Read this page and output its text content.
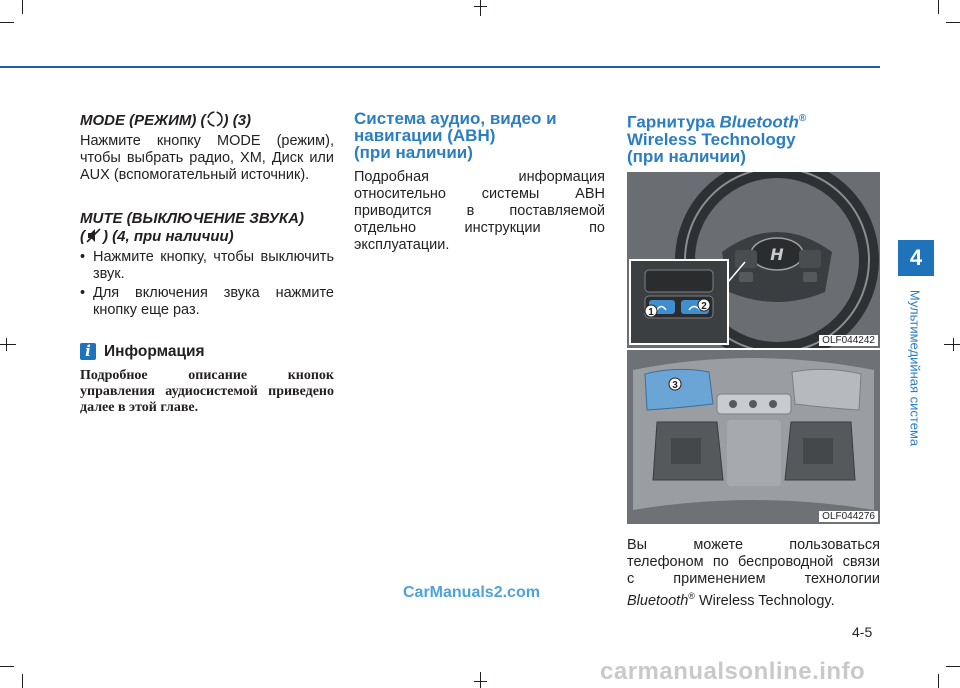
MODE (РЕЖИМ) ( ) (3)

Нажмите кнопку MODE (режим), чтобы выбрать радио, XM, Диск или AUX (вспомогательный источник).

MUTE (ВЫКЛЮЧЕНИЕ ЗВУКА)
( ) (4, при наличии)
• Нажмите кнопку, чтобы выключить звук.
• Для включения звука нажмите кнопку еще раз.
i Информация
Подробное описание кнопок управления аудиосистемой приведено далее в этой главе.
Система аудио, видео и
навигации (АВН)
(при наличии)

Подробная информация относительно системы АВН приводится в поставляемой отдельно инструкции по эксплуатации.

Гарнитура Bluetooth®
Wireless Technology
(при наличии)
H
1
2
OLF044242
3
OLF044276
Вы можете пользоваться
телефоном по беспроводной связи
с применением технологии
Bluetooth® Wireless Technology.
4
Мультимедийная система
4-5
CarManuals2.com
carmanualsonline.info
